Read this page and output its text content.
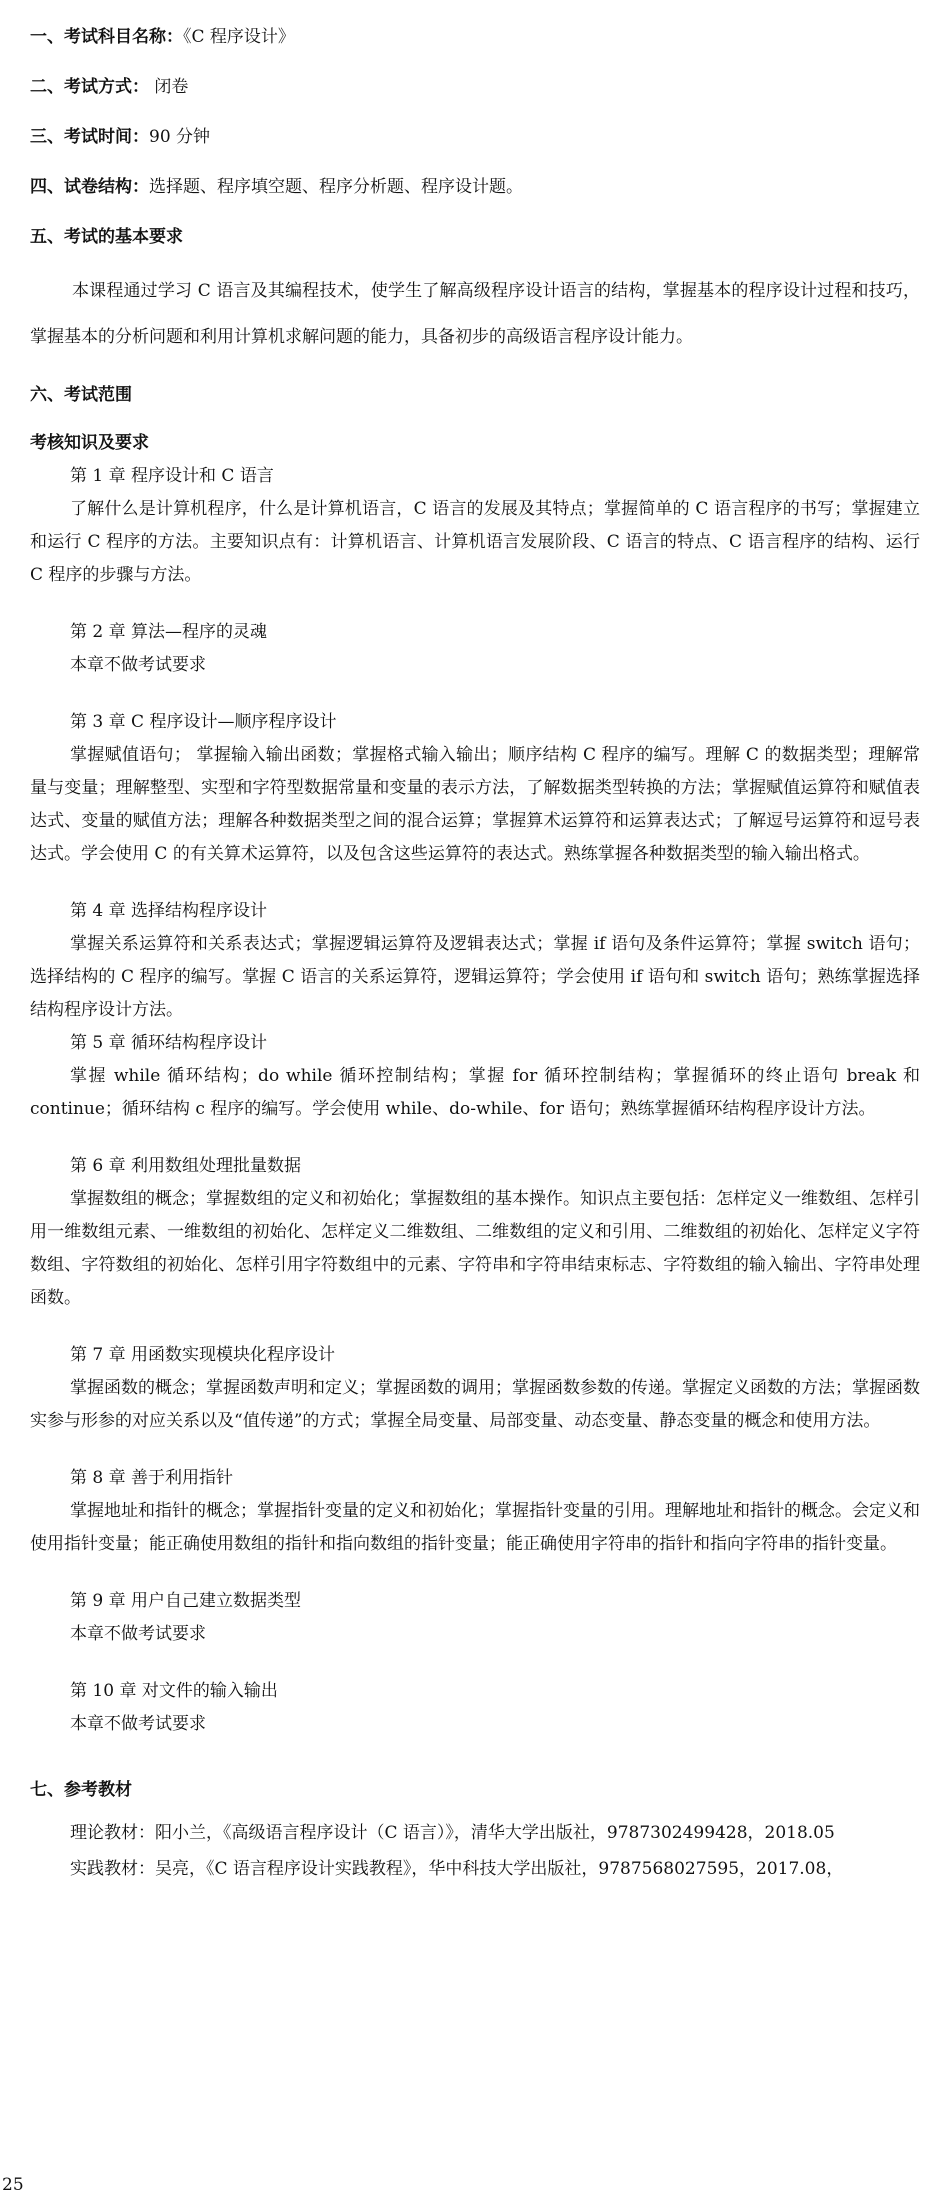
一、考试科目名称：《C 程序设计》
二、考试方式： 闭卷
三、考试时间：90 分钟
四、试卷结构：选择题、程序填空题、程序分析题、程序设计题。
五、考试的基本要求
本课程通过学习 C 语言及其编程技术，使学生了解高级程序设计语言的结构，掌握基本的程序设计过程和技巧，掌握基本的分析问题和利用计算机求解问题的能力，具备初步的高级语言程序设计能力。
六、考试范围
考核知识及要求
第 1 章 程序设计和 C 语言
了解什么是计算机程序，什么是计算机语言，C 语言的发展及其特点；掌握简单的 C 语言程序的书写；掌握建立和运行 C 程序的方法。主要知识点有：计算机语言、计算机语言发展阶段、C 语言的特点、C 语言程序的结构、运行 C 程序的步骤与方法。
第 2 章 算法—程序的灵魂
本章不做考试要求
第 3 章 C 程序设计—顺序程序设计
掌握赋值语句； 掌握输入输出函数；掌握格式输入输出；顺序结构 C 程序的编写。理解 C 的数据类型；理解常量与变量；理解整型、实型和字符型数据常量和变量的表示方法，了解数据类型转换的方法；掌握赋值运算符和赋值表达式、变量的赋值方法；理解各种数据类型之间的混合运算；掌握算术运算符和运算表达式；了解逗号运算符和逗号表达式。学会使用 C 的有关算术运算符，以及包含这些运算符的表达式。熟练掌握各种数据类型的输入输出格式。
第 4 章 选择结构程序设计
掌握关系运算符和关系表达式；掌握逻辑运算符及逻辑表达式；掌握 if 语句及条件运算符；掌握 switch 语句；选择结构的 C 程序的编写。掌握 C 语言的关系运算符，逻辑运算符；学会使用 if 语句和 switch 语句；熟练掌握选择结构程序设计方法。
第 5 章 循环结构程序设计
掌握 while 循环结构；do while 循环控制结构；掌握 for 循环控制结构；掌握循环的终止语句 break 和 continue；循环结构 c 程序的编写。学会使用 while、do-while、for 语句；熟练掌握循环结构程序设计方法。
第 6 章 利用数组处理批量数据
掌握数组的概念；掌握数组的定义和初始化；掌握数组的基本操作。知识点主要包括：怎样定义一维数组、怎样引用一维数组元素、一维数组的初始化、怎样定义二维数组、二维数组的定义和引用、二维数组的初始化、怎样定义字符数组、字符数组的初始化、怎样引用字符数组中的元素、字符串和字符串结束标志、字符数组的输入输出、字符串处理函数。
第 7 章 用函数实现模块化程序设计
掌握函数的概念；掌握函数声明和定义；掌握函数的调用；掌握函数参数的传递。掌握定义函数的方法；掌握函数实参与形参的对应关系以及“值传递”的方式；掌握全局变量、局部变量、动态变量、静态变量的概念和使用方法。
第 8 章 善于利用指针
掌握地址和指针的概念；掌握指针变量的定义和初始化；掌握指针变量的引用。理解地址和指针的概念。会定义和使用指针变量；能正确使用数组的指针和指向数组的指针变量；能正确使用字符串的指针和指向字符串的指针变量。
第 9 章 用户自己建立数据类型
本章不做考试要求
第 10 章 对文件的输入输出
本章不做考试要求
七、参考教材
理论教材：阳小兰，《高级语言程序设计（C 语言）》，清华大学出版社，9787302499428，2018.05
实践教材：吴亮，《C 语言程序设计实践教程》，华中科技大学出版社，9787568027595，2017.08，
25
